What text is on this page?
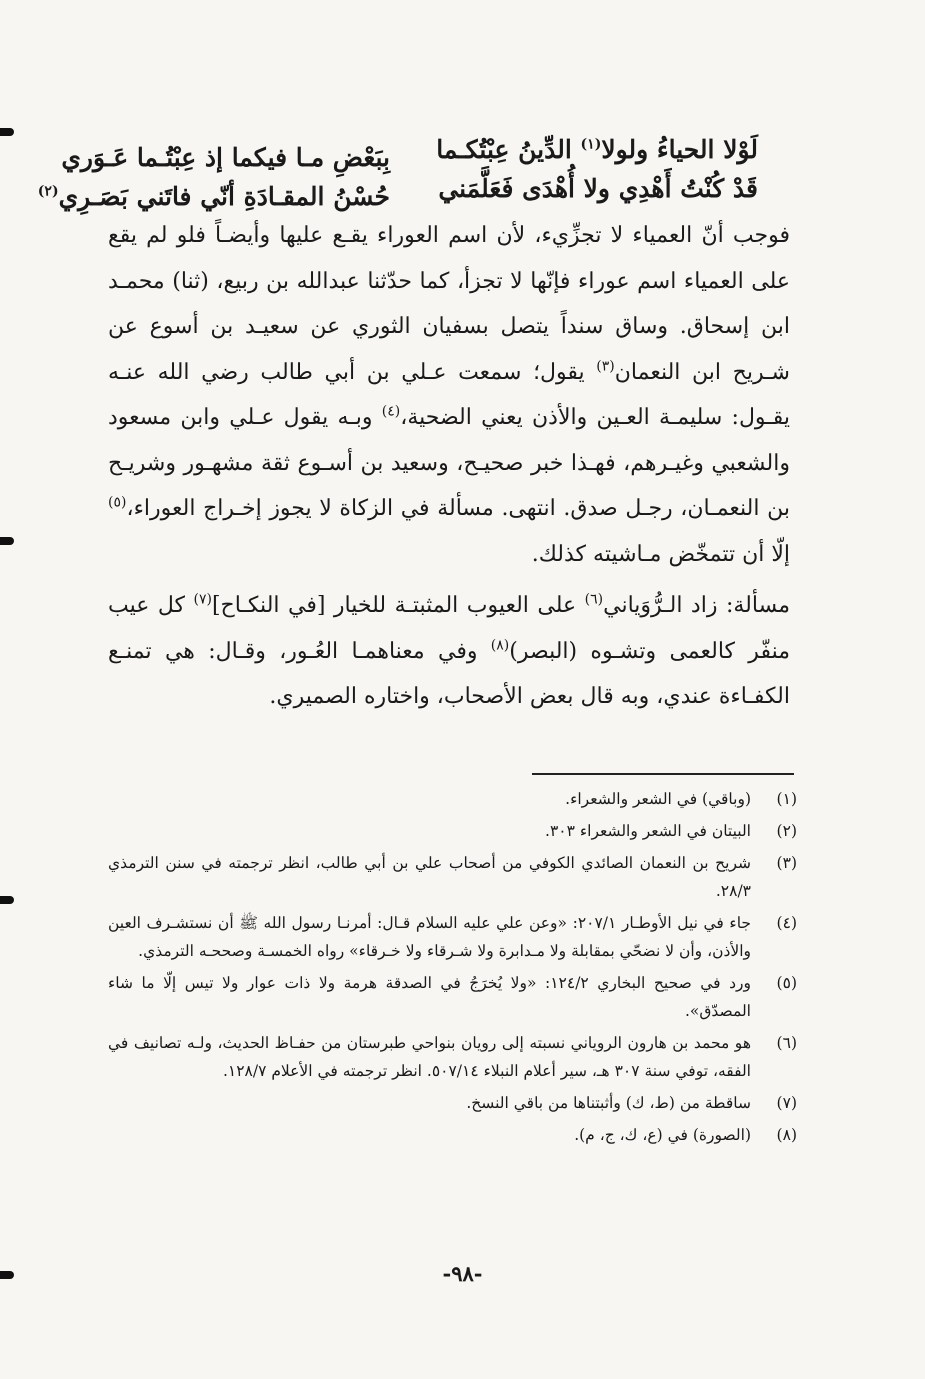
لَوْلا الحياءُ ولولا$^{(١)}$ الدِّينُ عِبْتُكـما
بِبَعْضِ مـا فيكما إذ عِبْتُـما عَـوَري
قَدْ كُنْتُ أَهْدِي ولا أُهْدَى فَعَلَّمَني
حُسْنُ المقـادَةِ أنّي فاتَني بَصَـرِي$^{(٢)}$

فوجب أنّ العمياء لا تجزِّيء، لأن اسم العوراء يقـع عليها وأيضـاً فلو لم يقع على العمياء اسم عوراء فإنّها لا تجزأ، كما حدّثنا عبدالله بن ربيع، (ثنا) محمـد ابن إسحاق. وساق سنداً يتصل بسفيان الثوري عن سعيـد بن أسوع عن شـريح ابن النعمان$^{(٣)}$ يقول؛ سمعت عـلي بن أبي طالب رضي الله عنـه يقـول: سليمـة العـين والأذن يعني الضحية،$^{(٤)}$ وبـه يقول عـلي وابن مسعود والشعبي وغيـرهم، فهـذا خبر صحيـح، وسعيد بن أسـوع ثقة مشهـور وشريـح بن النعمـان، رجـل صدق. انتهى. مسألة في الزكاة لا يجوز إخـراج العوراء،$^{(٥)}$ إلّا أن تتمخّض مـاشيته كذلك.

مسألة: زاد الـرُّوَياني$^{(٦)}$ على العيوب المثبتـة للخيار [في النكـاح]$^{(٧)}$ كل عيب منفّر كالعمى وتشـوه (البصر)$^{(٨)}$ وفي معناهمـا العُـور، وقـال: هي تمنـع الكفـاءة عندي، وبه قال بعض الأصحاب، واختاره الصميري.

(١)
(وباقي) في الشعر والشعراء.
(٢)
البيتان في الشعر والشعراء ٣٠٣.
(٣)
شريح بن النعمان الصائدي الكوفي من أصحاب علي بن أبي طالب، انظر ترجمته في سنن الترمذي ٢٨/٣.
(٤)
جاء في نيل الأوطـار ٢٠٧/١: «وعن علي عليه السلام قـال: أمرنـا رسول الله ﷺ أن نستشـرف العين والأذن، وأن لا نضحّي بمقابلة ولا مـدابرة ولا شـرقاء ولا خـرقاء» رواه الخمسـة وصححـه الترمذي.
(٥)
ورد في صحيح البخاري ١٢٤/٢: «ولا يُخرَجُ في الصدقة هرمة ولا ذات عوار ولا تيس إلّا ما شاء المصدّق».
(٦)
هو محمد بن هارون الروياني نسبته إلى رويان بنواحي طبرستان من حفـاظ الحديث، ولـه تصانيف في الفقه، توفي سنة ٣٠٧ هـ، سير أعلام النبلاء ٥٠٧/١٤. انظر ترجمته في الأعلام ١٢٨/٧.
(٧)
ساقطة من (ط، ك) وأثبتناها من باقي النسخ.
(٨)
(الصورة) في (ع، ك، ج، م).
-٩٨-
